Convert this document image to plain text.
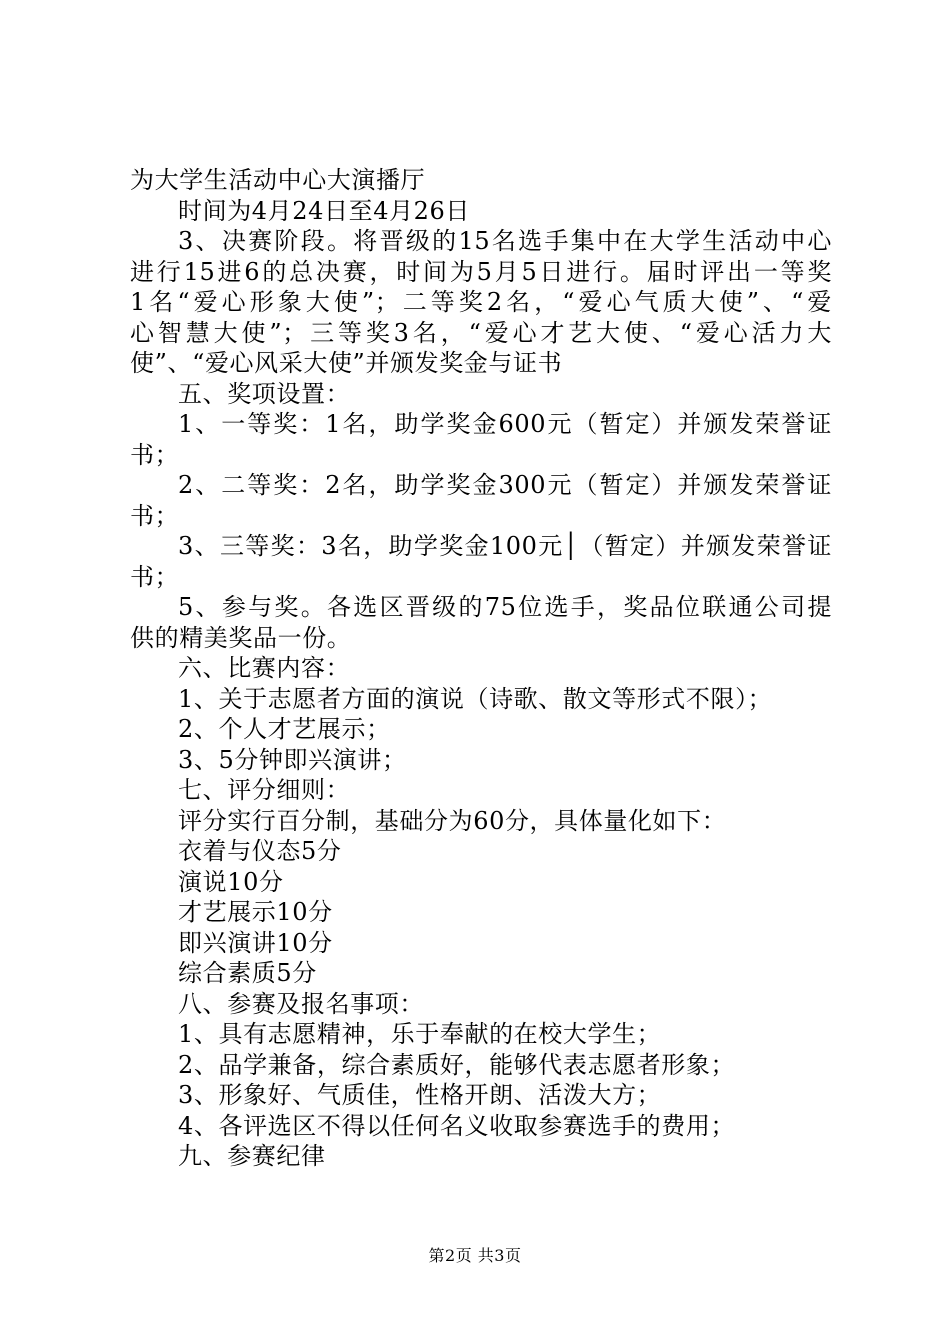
为大学生活动中心大演播厅
时间为4月24日至4月26日
3、决赛阶段。将晋级的15名选手集中在大学生活动中心
进行15进6的总决赛，时间为5月5日进行。届时评出一等奖
1名“爱心形象大使”；二等奖2名，“爱心气质大使”、“爱
心智慧大使”；三等奖3名，“爱心才艺大使、“爱心活力大
使”、“爱心风采大使”并颁发奖金与证书
五、奖项设置：
1、一等奖：1名，助学奖金600元（暂定）并颁发荣誉证
书；
2、二等奖：2名，助学奖金300元（暂定）并颁发荣誉证
书；
3、三等奖：3名，助学奖金100元│（暂定）并颁发荣誉证
书；
5、参与奖。各选区晋级的75位选手，奖品位联通公司提
供的精美奖品一份。
六、比赛内容：
1、关于志愿者方面的演说（诗歌、散文等形式不限）；
2、个人才艺展示；
3、5分钟即兴演讲；
七、评分细则：
评分实行百分制，基础分为60分，具体量化如下：
衣着与仪态5分
演说10分
才艺展示10分
即兴演讲10分
综合素质5分
八、参赛及报名事项：
1、具有志愿精神，乐于奉献的在校大学生；
2、品学兼备，综合素质好，能够代表志愿者形象；
3、形象好、气质佳，性格开朗、活泼大方；
4、各评选区不得以任何名义收取参赛选手的费用；
九、参赛纪律
第2页 共3页
